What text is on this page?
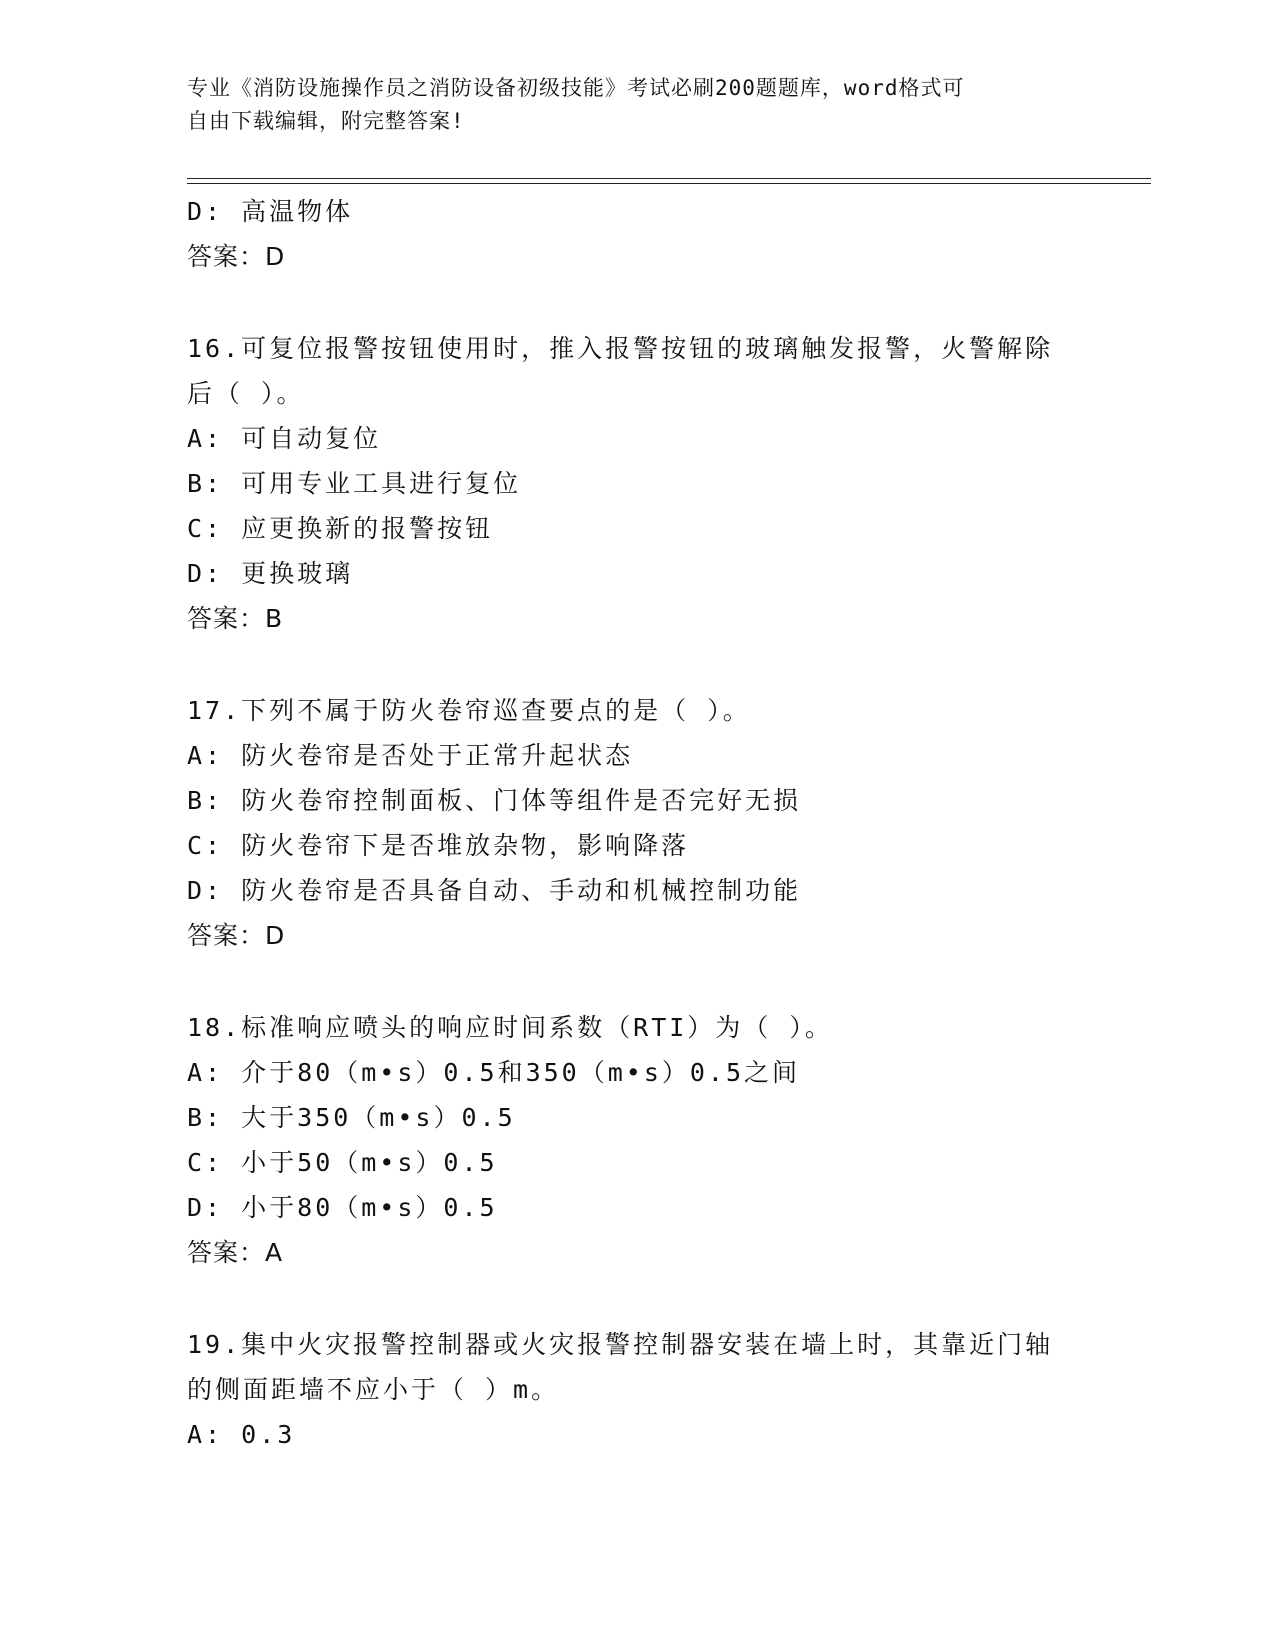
专业《消防设施操作员之消防设备初级技能》考试必刷200题题库，word格式可
自由下载编辑，附完整答案!
D: 高温物体
答案：D
16.可复位报警按钮使用时，推入报警按钮的玻璃触发报警，火警解除
后（ ）。
A: 可自动复位
B: 可用专业工具进行复位
C: 应更换新的报警按钮
D: 更换玻璃
答案：B
17.下列不属于防火卷帘巡查要点的是（ ）。
A: 防火卷帘是否处于正常升起状态
B: 防火卷帘控制面板、门体等组件是否完好无损
C: 防火卷帘下是否堆放杂物，影响降落
D: 防火卷帘是否具备自动、手动和机械控制功能
答案：D
18.标准响应喷头的响应时间系数（RTI）为（ ）。
A: 介于80（m•s）0.5和350（m•s）0.5之间
B: 大于350（m•s）0.5
C: 小于50（m•s）0.5
D: 小于80（m•s）0.5
答案：A
19.集中火灾报警控制器或火灾报警控制器安装在墙上时，其靠近门轴
的侧面距墙不应小于（ ）m。
A: 0.3
